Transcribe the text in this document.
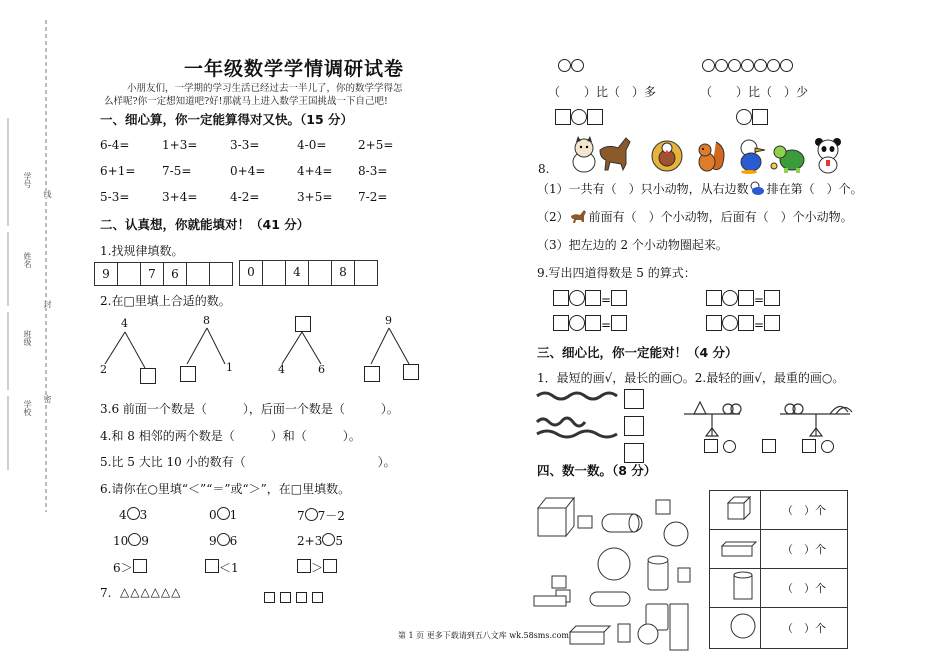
学号
线
姓名
封
班级
学校
密
一年级数学学情调研试卷
小朋友们，一学期的学习生活已经过去一半儿了，你的数学学得怎
么样呢?你一定想知道吧?好!那就马上进入数学王国挑战一下自己吧!
一、细心算，你一定能算得对又快。（15 分）
6-4=	1+3=	3-3=	4-0=	2+5=
6+1= 7-5=	0+4=	4+4= 8-3=
5-3=	3+4=	4-2=	3+5= 7-2=
二、认真想，你就能填对！（41 分）
1.找规律填数。
9	7	6	0	4	8
2.在□里填上合适的数。
4
2
8
1	4	6
9
3.6 前面一个数是（　　　），后面一个数是（　　　）。
4.和 8 相邻的两个数是（　　　）和（　　　）。
5.比 5 大比 10 小的数有（　　　　　　　　　　　）。
6.请你在○里填“＜”“＝”或“＞”，在□里填数。
4 3	0 1	7 7－2
10 9	9 6	2+3 5
6＞	＜1	＞
7. △△△△△△

（　　）比（　）多	（　　）比（　）少
8.
（1）一共有（　）只小动物，从右边数 排在第（　）个。
（2） 前面有（　）个小动物，后面有（　）个小动物。
（3）把左边的 2 个小动物圈起来。
9.写出四道得数是 5 的算式：
=	=
=	=
三、细心比，你一定能对！（4 分）
1．最短的画√，最长的画○。2.最轻的画√，最重的画○。

四、数一数。（8 分）
	（　）个
	（　）个
	（　）个
	（　）个
第 1 页 更多下载请到五八文库 wk.58sms.com
